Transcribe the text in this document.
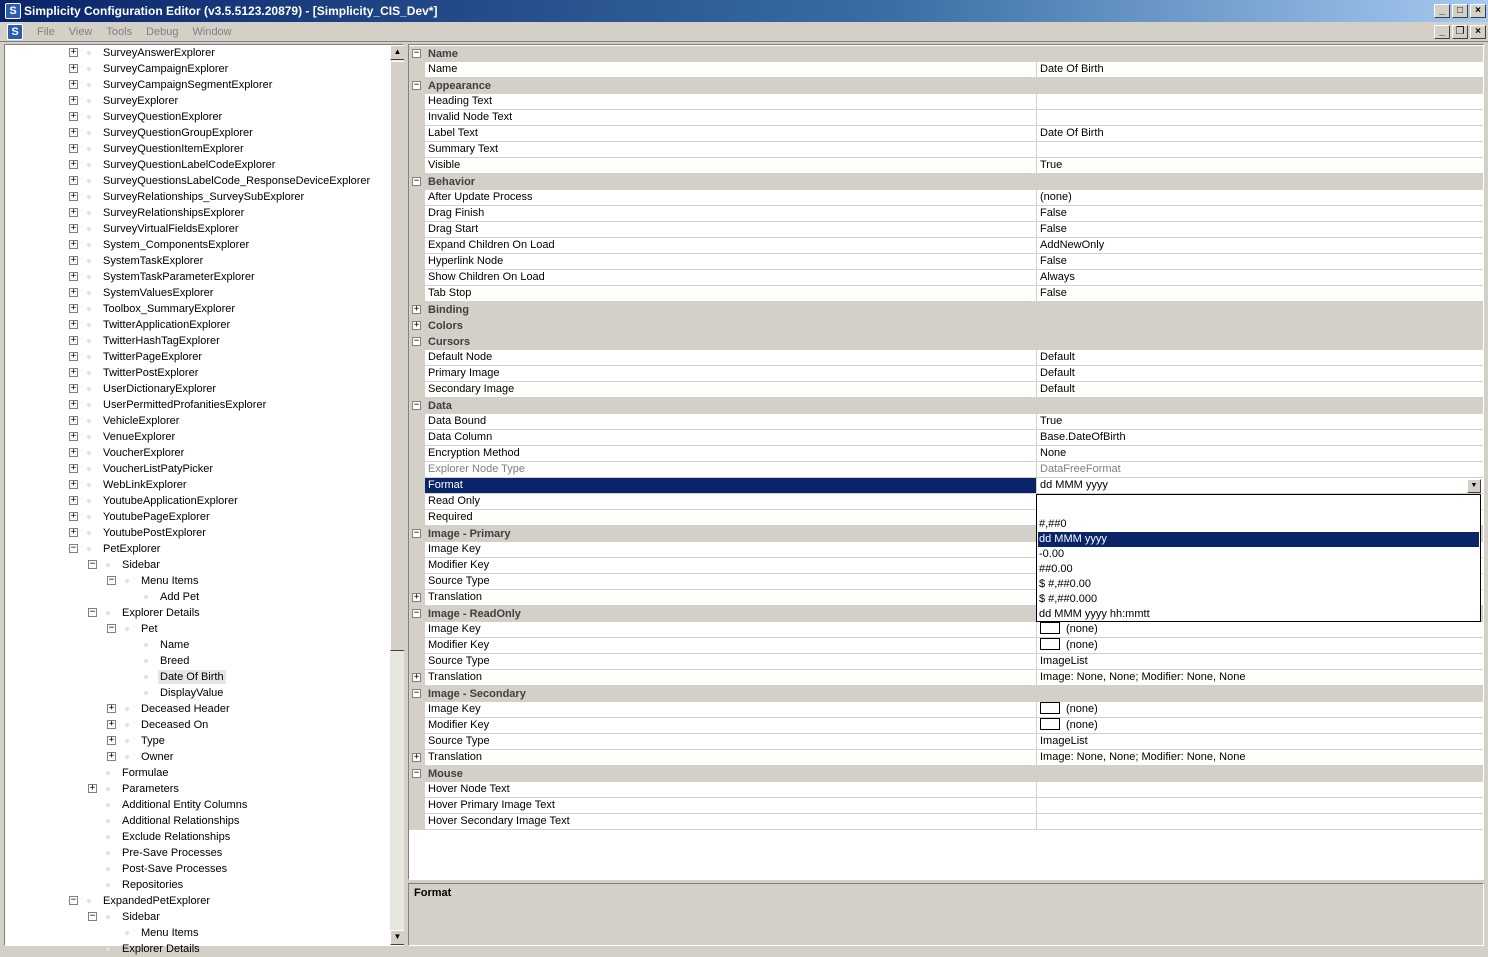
S Simplicity Configuration Editor (v3.5.5123.20879) - [Simplicity_CIS_Dev*]	_	□	×
S	File	View	Tools	Debug	Window	_	❐	×
+ SurveyAnswerExplorer
+ SurveyCampaignExplorer
+ SurveyCampaignSegmentExplorer
+ SurveyExplorer
+ SurveyQuestionExplorer
+ SurveyQuestionGroupExplorer
+ SurveyQuestionItemExplorer
+ SurveyQuestionLabelCodeExplorer
+ SurveyQuestionsLabelCode_ResponseDeviceExplorer
+ SurveyRelationships_SurveySubExplorer
+ SurveyRelationshipsExplorer
+ SurveyVirtualFieldsExplorer
+ System_ComponentsExplorer
+ SystemTaskExplorer
+ SystemTaskParameterExplorer
+ SystemValuesExplorer
+ Toolbox_SummaryExplorer
+ TwitterApplicationExplorer
+ TwitterHashTagExplorer
+ TwitterPageExplorer
+ TwitterPostExplorer
+ UserDictionaryExplorer
+ UserPermittedProfanitiesExplorer
+ VehicleExplorer
+ VenueExplorer
+ VoucherExplorer
+ VoucherListPatyPicker
+ WebLinkExplorer
+ YoutubeApplicationExplorer
+ YoutubePageExplorer
+ YoutubePostExplorer
− PetExplorer
− Sidebar
− Menu Items
Add Pet
− Explorer Details
− Pet
Name
Breed
Date Of Birth
DisplayValue
+ Deceased Header
+ Deceased On
+ Type
+ Owner
Formulae
+ Parameters
Additional Entity Columns
Additional Relationships
Exclude Relationships
Pre-Save Processes
Post-Save Processes
Repositories
− ExpandedPetExplorer
− Sidebar
Menu Items
Explorer Details
▲
▼
− Name
Name	Date Of Birth
− Appearance
Heading Text
Invalid Node Text
Label Text	Date Of Birth
Summary Text
Visible	True
− Behavior
After Update Process	(none)
Drag Finish	False
Drag Start	False
Expand Children On Load	AddNewOnly
Hyperlink Node	False
Show Children On Load	Always
Tab Stop	False
+ Binding
+ Colors
− Cursors
Default Node	Default
Primary Image	Default
Secondary Image	Default
− Data
Data Bound	True
Data Column	Base.DateOfBirth
Encryption Method	None
Explorer Node Type	DataFreeFormat
Format	dd MMM yyyy	▼
Read Only
Required
− Image - Primary
Image Key
Modifier Key
Source Type
+ Translation
− Image - ReadOnly
Image Key	(none)
Modifier Key	(none)
Source Type	ImageList
+ Translation	Image: None, None; Modifier: None, None
− Image - Secondary
Image Key	(none)
Modifier Key	(none)
Source Type	ImageList
+ Translation	Image: None, None; Modifier: None, None
− Mouse
Hover Node Text
Hover Primary Image Text
Hover Secondary Image Text
#,##0
dd MMM yyyy
-0.00
##0.00
$ #,##0.00
$ #,##0.000
dd MMM yyyy hh:mmtt
Format
